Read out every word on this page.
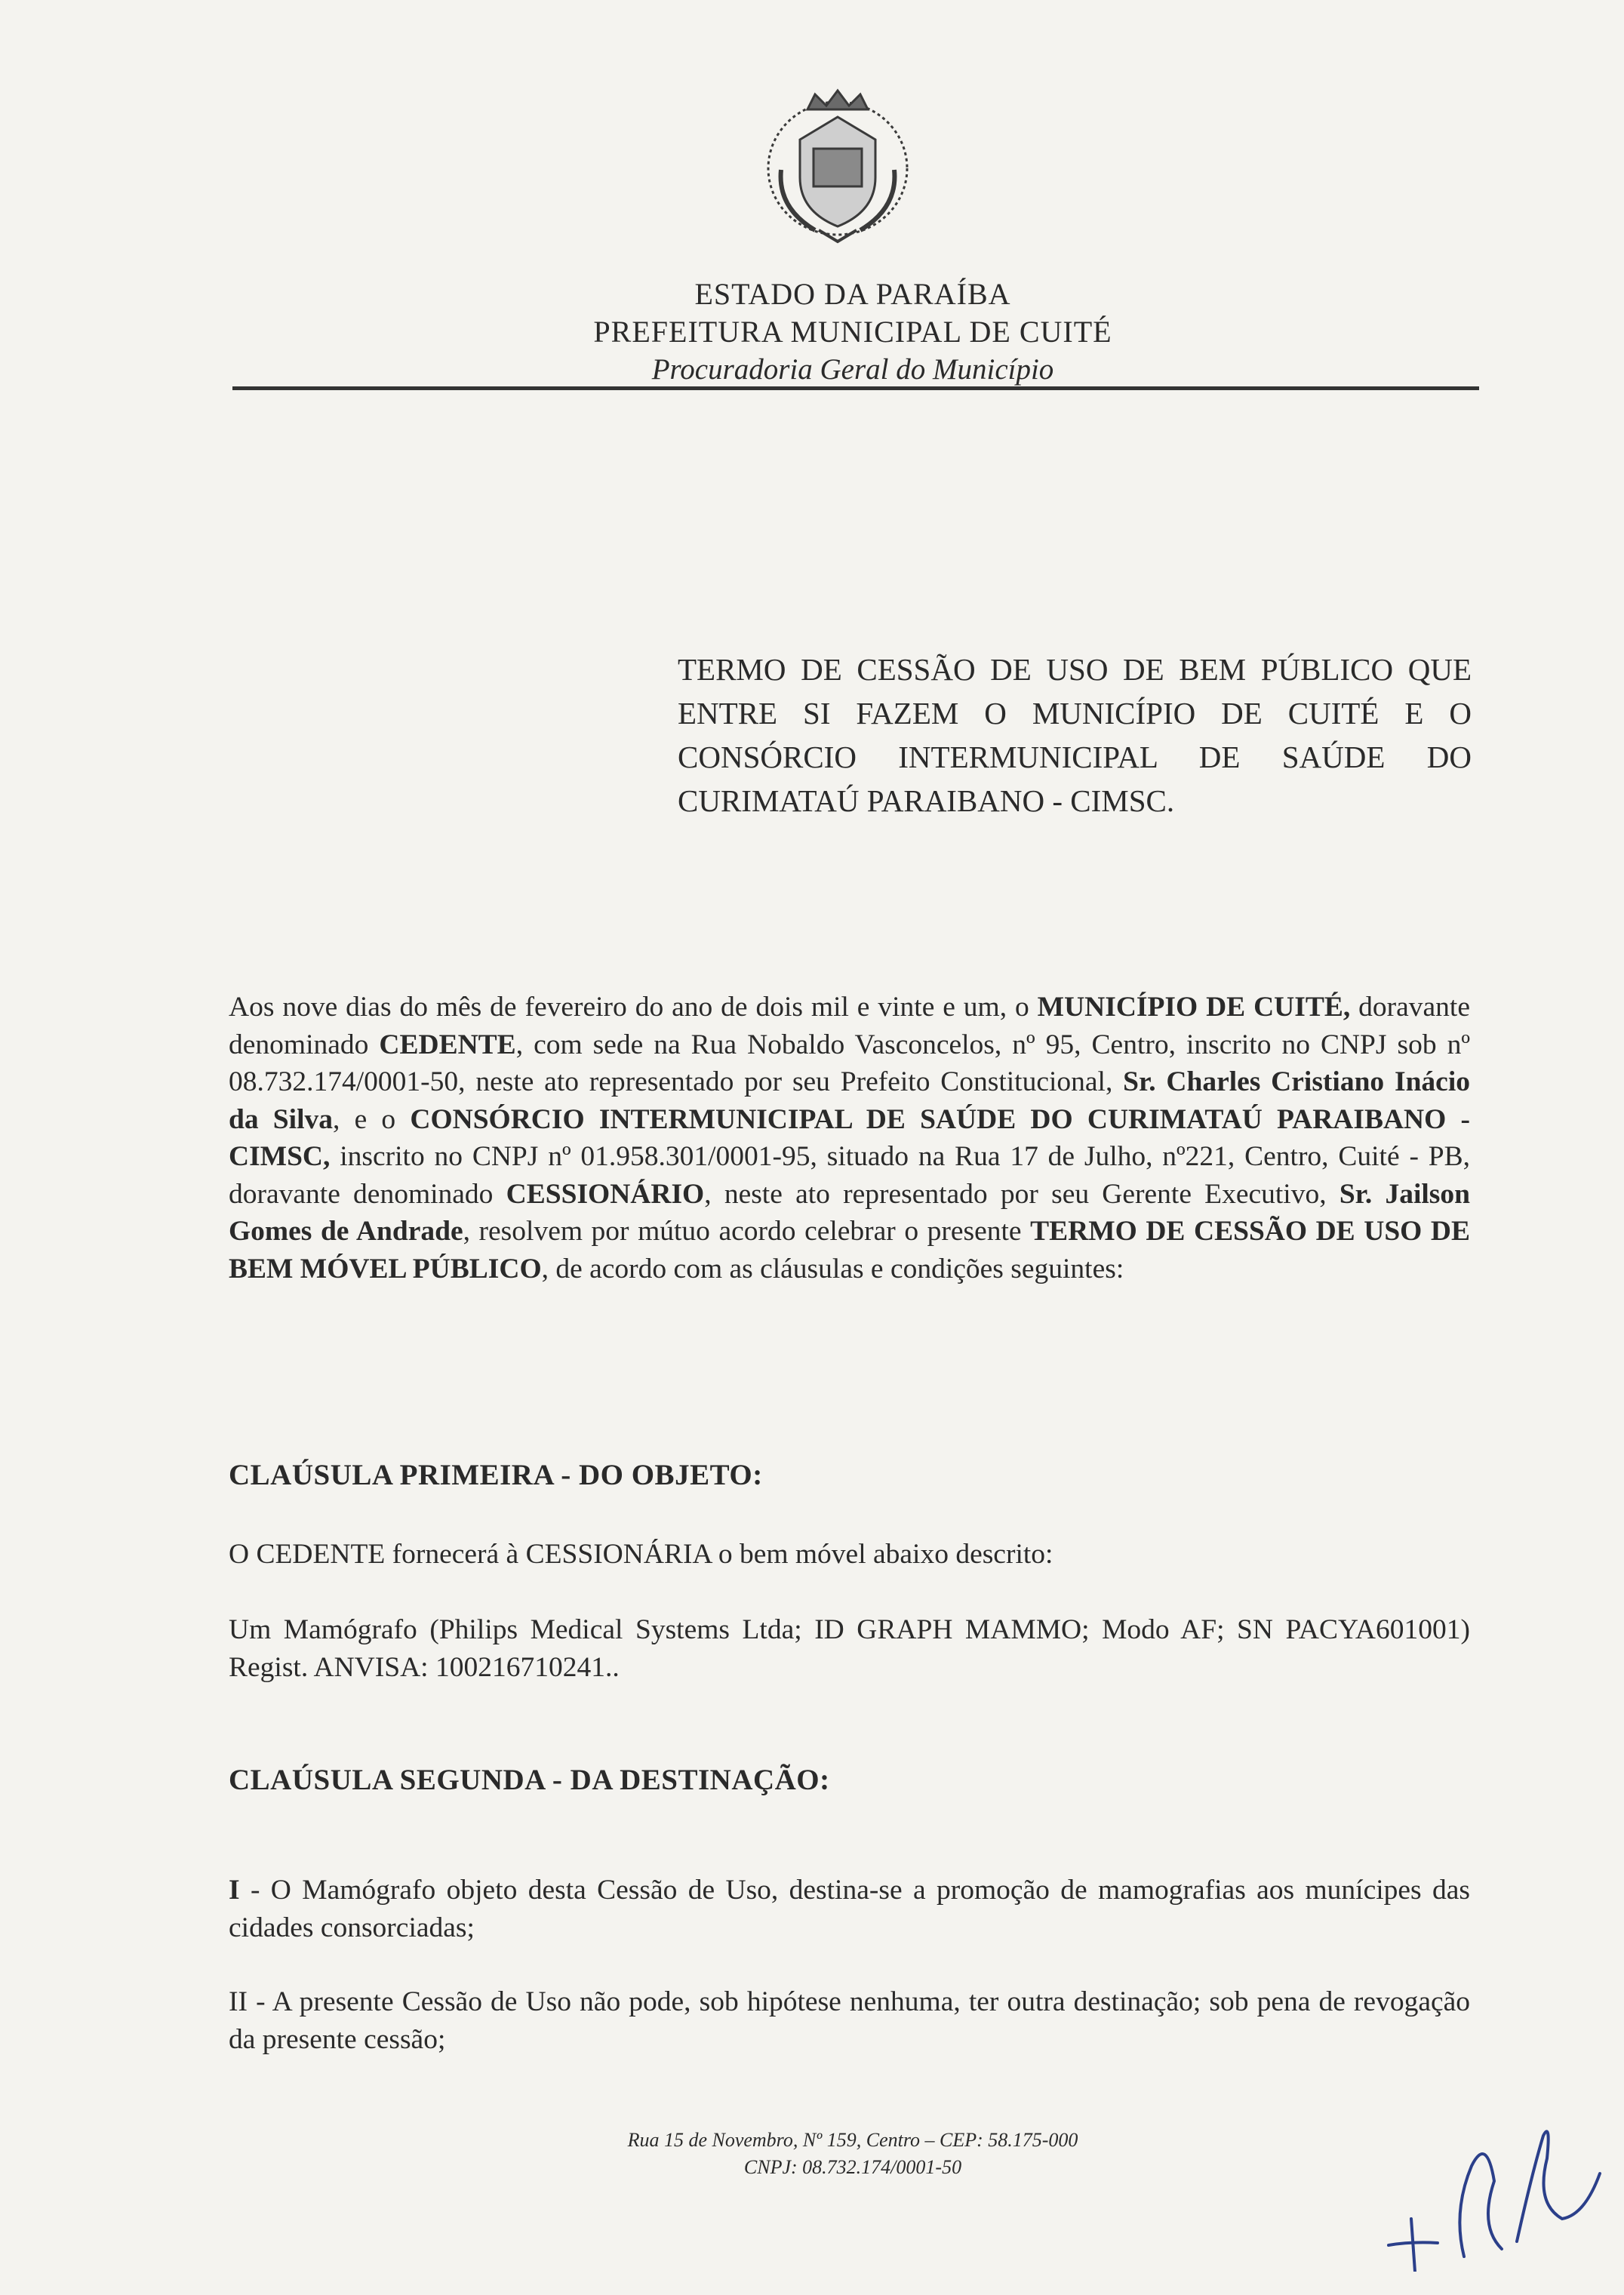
ESTADO DA PARAÍBA
PREFEITURA MUNICIPAL DE CUITÉ
Procuradoria Geral do Município
TERMO DE CESSÃO DE USO DE BEM PÚBLICO QUE ENTRE SI FAZEM O MUNICÍPIO DE CUITÉ E O CONSÓRCIO INTERMUNICIPAL DE SAÚDE DO CURIMATAÚ PARAIBANO - CIMSC.
Aos nove dias do mês de fevereiro do ano de dois mil e vinte e um, o MUNICÍPIO DE CUITÉ, doravante denominado CEDENTE, com sede na Rua Nobaldo Vasconcelos, nº 95, Centro, inscrito no CNPJ sob nº 08.732.174/0001-50, neste ato representado por seu Prefeito Constitucional, Sr. Charles Cristiano Inácio da Silva, e o CONSÓRCIO INTERMUNICIPAL DE SAÚDE DO CURIMATAÚ PARAIBANO - CIMSC, inscrito no CNPJ nº 01.958.301/0001-95, situado na Rua 17 de Julho, nº221, Centro, Cuité - PB, doravante denominado CESSIONÁRIO, neste ato representado por seu Gerente Executivo, Sr. Jailson Gomes de Andrade, resolvem por mútuo acordo celebrar o presente TERMO DE CESSÃO DE USO DE BEM MÓVEL PÚBLICO, de acordo com as cláusulas e condições seguintes:
CLAÚSULA PRIMEIRA - DO OBJETO:
O CEDENTE fornecerá à CESSIONÁRIA o bem móvel abaixo descrito:
Um Mamógrafo (Philips Medical Systems Ltda; ID GRAPH MAMMO; Modo AF; SN PACYA601001) Regist. ANVISA: 100216710241..
CLAÚSULA SEGUNDA - DA DESTINAÇÃO:
I - O Mamógrafo objeto desta Cessão de Uso, destina-se a promoção de mamografias aos munícipes das cidades consorciadas;
II - A presente Cessão de Uso não pode, sob hipótese nenhuma, ter outra destinação; sob pena de revogação da presente cessão;
Rua 15 de Novembro, Nº 159, Centro – CEP: 58.175-000
CNPJ: 08.732.174/0001-50
